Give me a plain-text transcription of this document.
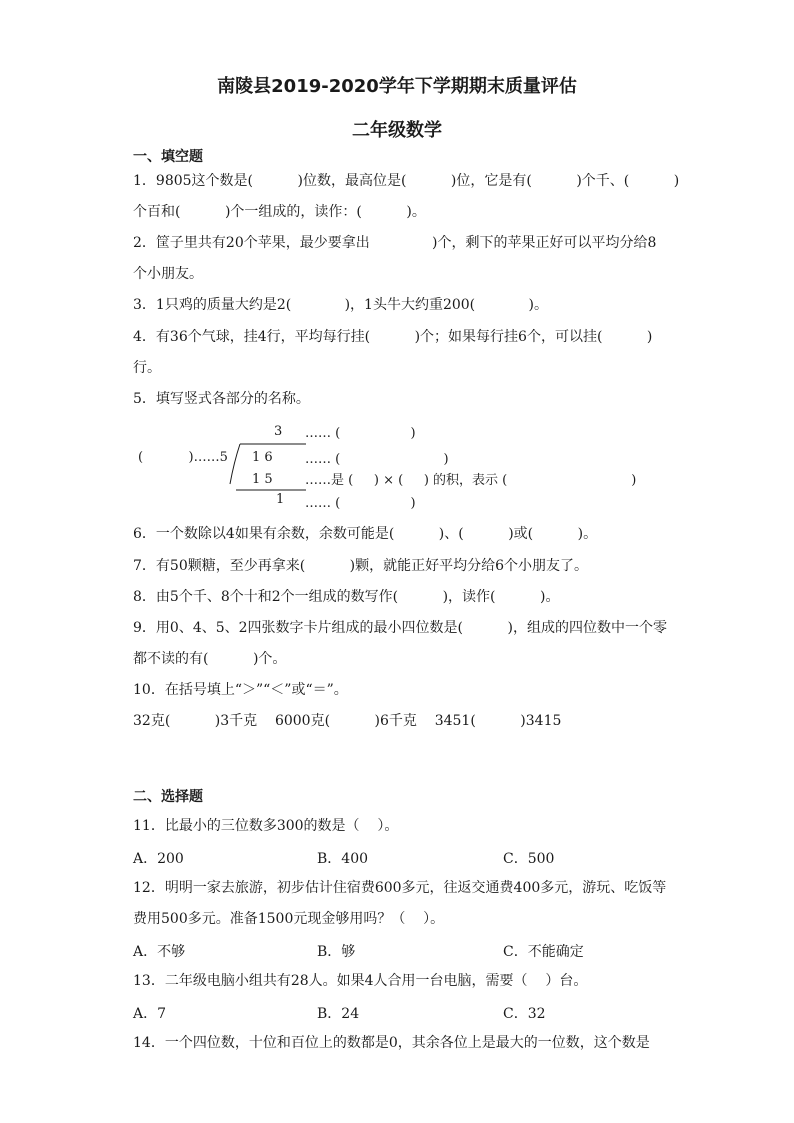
南陵县2019-2020学年下学期期末质量评估
二年级数学
一、填空题
1．9805这个数是(          )位数，最高位是(          )位，它是有(          )个千、(          )
个百和(          )个一组成的，读作：(          )。
2．筐子里共有20个苹果，最少要拿出              )个，剩下的苹果正好可以平均分给8
个小朋友。
3．1只鸡的质量大约是2(            )，1头牛大约重200(            )。
4．有36个气球，挂4行，平均每行挂(          )个；如果每行挂6个，可以挂(          )
行。
5．填写竖式各部分的名称。
3 …… (                 )
(           )……5 1 6 …… (                         )
1 5 ……是 (     ) × (     ) 的积，表示 (                              )
1 …… (                 )
6．一个数除以4如果有余数，余数可能是(          )、(          )或(          )。
7．有50颗糖，至少再拿来(          )颗，就能正好平均分给6个小朋友了。
8．由5个千、8个十和2个一组成的数写作(          )，读作(          )。
9．用0、4、5、2四张数字卡片组成的最小四位数是(          )，组成的四位数中一个零
都不读的有(          )个。
10．在括号填上“＞”“＜”或“＝”。
32克(          )3千克    6000克(          )6千克    3451(          )3415
二、选择题
11．比最小的三位数多300的数是（    ）。
A．200	B．400	C．500
12．明明一家去旅游，初步估计住宿费600多元，往返交通费400多元，游玩、吃饭等
费用500多元。准备1500元现金够用吗？（    ）。
A．不够	B．够	C．不能确定
13．二年级电脑小组共有28人。如果4人合用一台电脑，需要（    ）台。
A．7	B．24	C．32
14．一个四位数，十位和百位上的数都是0，其余各位上是最大的一位数，这个数是
